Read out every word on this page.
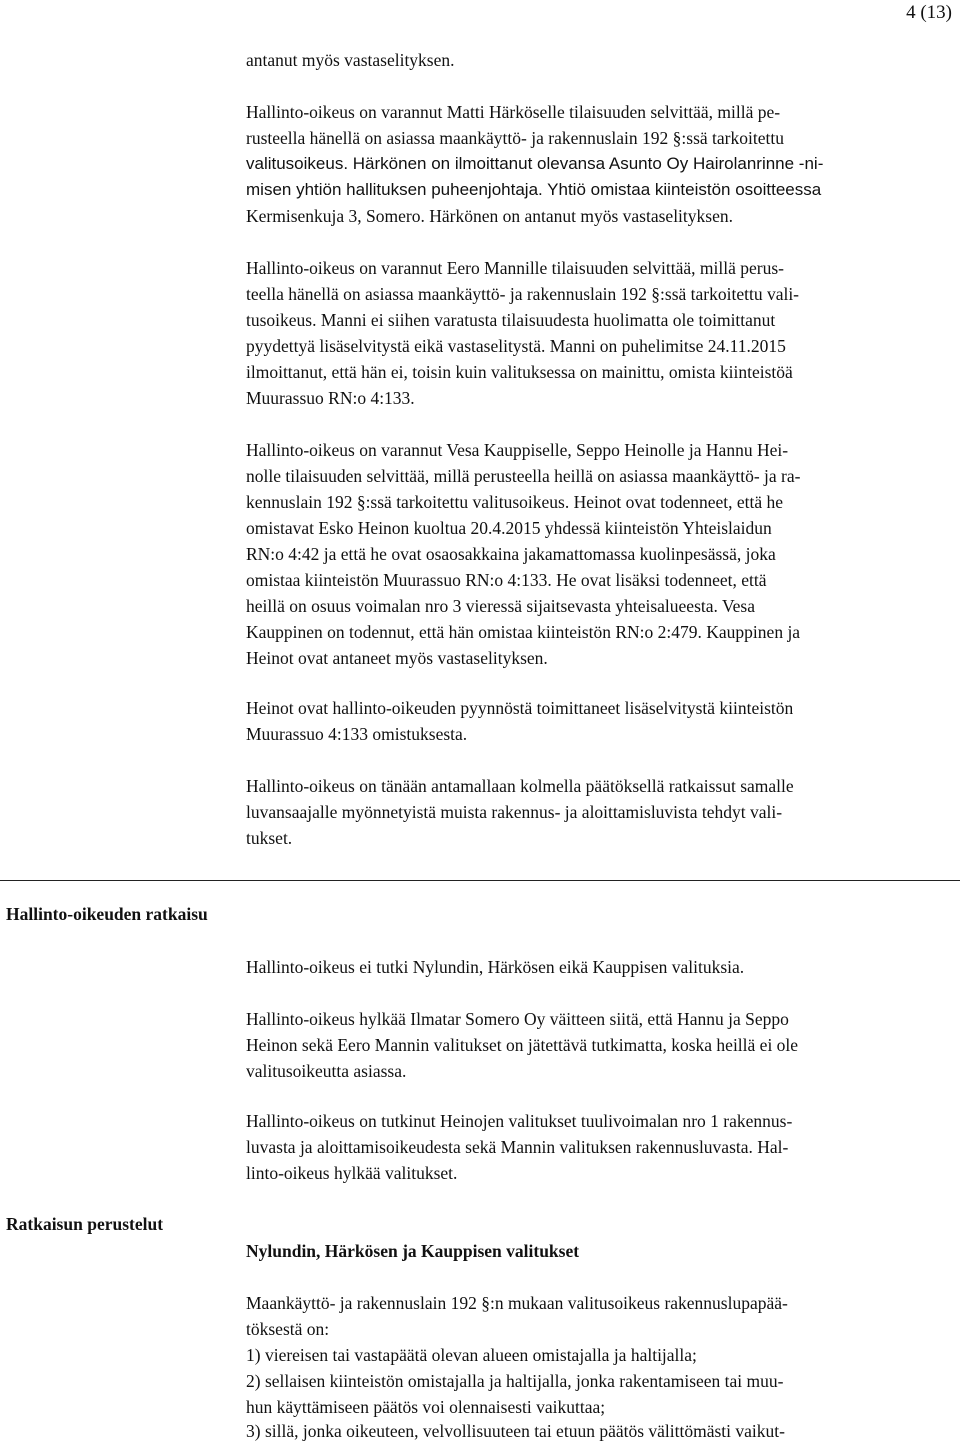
4 (13)
antanut myös vastaselityksen.
Hallinto-oikeus on varannut Matti Härköselle tilaisuuden selvittää, millä pe-
rusteella hänellä on asiassa maankäyttö- ja rakennuslain 192 §:ssä tarkoitettu
valitusoikeus. Härkönen on ilmoittanut olevansa Asunto Oy Hairolanrinne -ni-
misen yhtiön hallituksen puheenjohtaja. Yhtiö omistaa kiinteistön osoitteessa
Kermisenkuja 3, Somero. Härkönen on antanut myös vastaselityksen.
Hallinto-oikeus on varannut Eero Mannille tilaisuuden selvittää, millä perus-
teella hänellä on asiassa maankäyttö- ja rakennuslain 192 §:ssä tarkoitettu vali-
tusoikeus. Manni ei siihen varatusta tilaisuudesta huolimatta ole toimittanut
pyydettyä lisäselvitystä eikä vastaselitystä. Manni on puhelimitse 24.11.2015
ilmoittanut, että hän ei, toisin kuin valituksessa on mainittu, omista kiinteistöä
Muurassuo RN:o 4:133.
Hallinto-oikeus on varannut Vesa Kauppiselle, Seppo Heinolle ja Hannu Hei-
nolle tilaisuuden selvittää, millä perusteella heillä on asiassa maankäyttö- ja ra-
kennuslain 192 §:ssä tarkoitettu valitusoikeus. Heinot ovat todenneet, että he
omistavat Esko Heinon kuoltua 20.4.2015 yhdessä kiinteistön Yhteislaidun
RN:o 4:42 ja että he ovat osaosakkaina jakamattomassa kuolinpesässä, joka
omistaa kiinteistön Muurassuo RN:o 4:133. He ovat lisäksi todenneet, että
heillä on osuus voimalan nro 3 vieressä sijaitsevasta yhteisalueesta. Vesa
Kauppinen on todennut, että hän omistaa kiinteistön RN:o 2:479. Kauppinen ja
Heinot ovat antaneet myös vastaselityksen.
Heinot ovat hallinto-oikeuden pyynnöstä toimittaneet lisäselvitystä kiinteistön
Muurassuo 4:133 omistuksesta.
Hallinto-oikeus on tänään antamallaan kolmella päätöksellä ratkaissut samalle
luvansaajalle myönnetyistä muista rakennus- ja aloittamisluvista tehdyt vali-
tukset.
Hallinto-oikeuden ratkaisu
Hallinto-oikeus ei tutki Nylundin, Härkösen eikä Kauppisen valituksia.
Hallinto-oikeus hylkää Ilmatar Somero Oy väitteen siitä, että Hannu ja Seppo
Heinon sekä Eero Mannin valitukset on jätettävä tutkimatta, koska heillä ei ole
valitusoikeutta asiassa.
Hallinto-oikeus on tutkinut Heinojen valitukset tuulivoimalan nro 1 rakennus-
luvasta ja aloittamisoikeudesta sekä Mannin valituksen rakennusluvasta. Hal-
linto-oikeus hylkää valitukset.
Ratkaisun perustelut
Nylundin, Härkösen ja Kauppisen valitukset
Maankäyttö- ja rakennuslain 192 §:n mukaan valitusoikeus rakennuslupapää-
töksestä on:
1) viereisen tai vastapäätä olevan alueen omistajalla ja haltijalla;
2) sellaisen kiinteistön omistajalla ja haltijalla, jonka rakentamiseen tai muu-
hun käyttämiseen päätös voi olennaisesti vaikuttaa;
3) sillä, jonka oikeuteen, velvollisuuteen tai etuun päätös välittömästi vaikut-
